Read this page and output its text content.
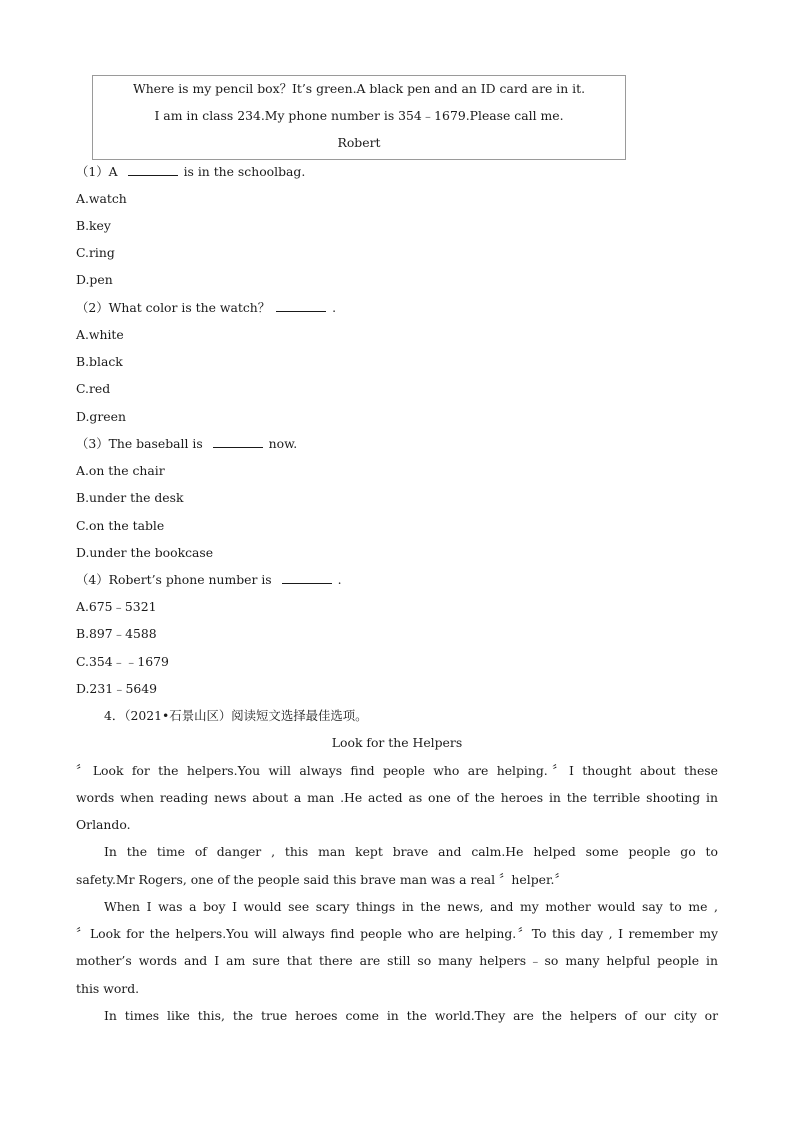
Where is my pencil box？It’s green.A black pen and an ID card are in it.
I am in class 234.My phone number is 354﹣1679.Please call me.
Robert
（1）A	is in the schoolbag.
A.watch
B.key
C.ring
D.pen
（2）What color is the watch？	.
A.white
B.black
C.red
D.green
（3）The baseball is	now.
A.on the chair
B.under the desk
C.on the table
D.under the bookcase
（4）Robert’s phone number is	.
A.675﹣5321
B.897﹣4588
C.354﹣﹣1679
D.231﹣5649
4．（2021•石景山区）阅读短文选择最佳选项。
Look for the Helpers
〞Look for the helpers.You will always find people who are helping.〞I thought about these
words when reading news about a man .He acted as one of the heroes in the terrible shooting in
Orlando.
In the time of danger , this man kept brave and calm.He helped some people go to
safety.Mr Rogers, one of the people said this brave man was a real 〞helper.〞
When I was a boy I would see scary things in the news, and my mother would say to me ,
〞Look for the helpers.You will always find people who are helping.〞To this day , I remember my
mother’s words and I am sure that there are still so many helpers﹣so many helpful people in
this word.
In times like this, the true heroes come in the world.They are the helpers of our city or
